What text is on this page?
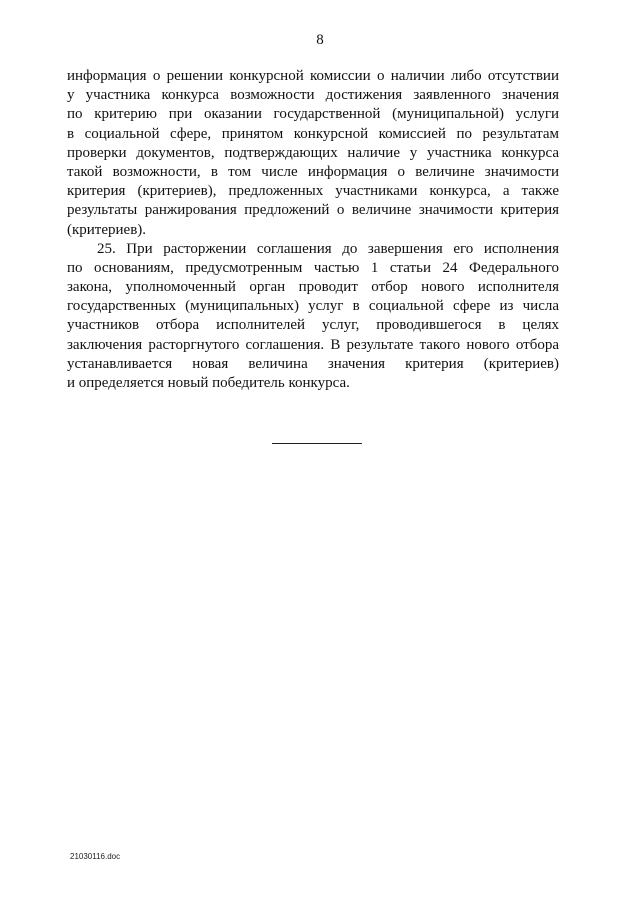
8
информация о решении конкурсной комиссии о наличии либо отсутствии
у участника конкурса возможности достижения заявленного значения
по критерию при оказании государственной (муниципальной) услуги
в социальной сфере, принятом конкурсной комиссией по результатам
проверки документов, подтверждающих наличие у участника конкурса
такой возможности, в том числе информация о величине значимости
критерия (критериев), предложенных участниками конкурса, а также
результаты ранжирования предложений о величине значимости критерия
(критериев).
25. При расторжении соглашения до завершения его исполнения
по основаниям, предусмотренным частью 1 статьи 24 Федерального
закона, уполномоченный орган проводит отбор нового исполнителя
государственных (муниципальных) услуг в социальной сфере из числа
участников отбора исполнителей услуг, проводившегося в целях
заключения расторгнутого соглашения. В результате такого нового отбора
устанавливается новая величина значения критерия (критериев)
и определяется новый победитель конкурса.
21030116.doc
